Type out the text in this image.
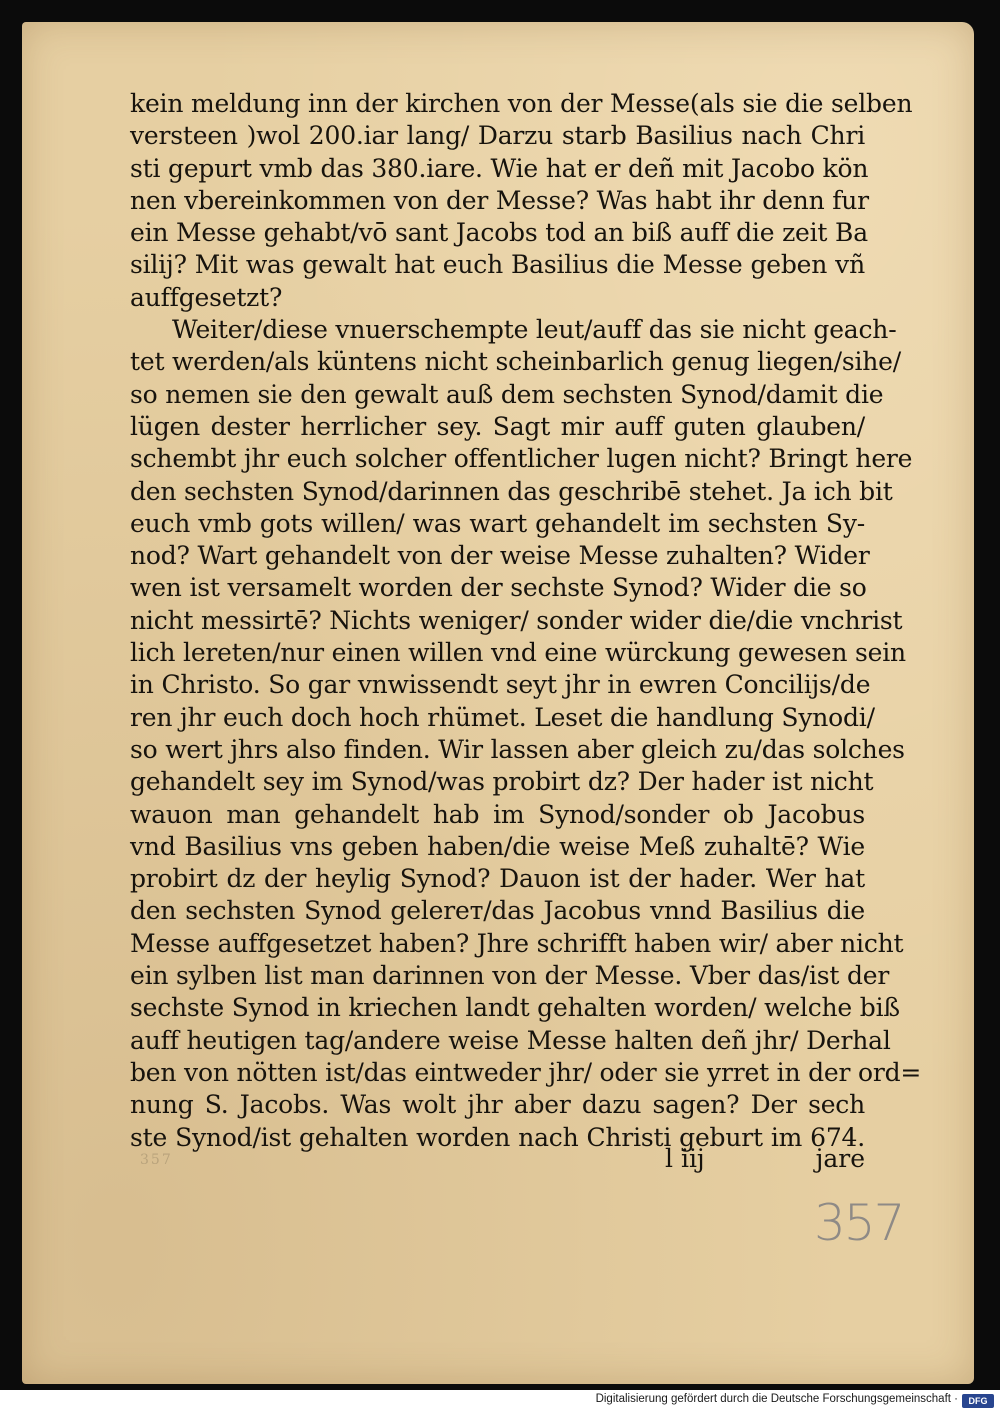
kein meldung inn der kirchen von der Messe(als sie die selben
versteen )wol 200.iar lang/ Darzu starb Basilius nach Chri
sti gepurt vmb das 380.iare. Wie hat er deñ mit Jacobo kön
nen vbereinkommen von der Messe? Was habt ihr denn fur
ein Messe gehabt/vō sant Jacobs tod an biß auff die zeit Ba
silij? Mit was gewalt hat euch Basilius die Messe geben vñ
auffgesetzt?
Weiter/diese vnuerschempte leut/auff das sie nicht geach-
tet werden/als küntens nicht scheinbarlich genug liegen/sihe/
so nemen sie den gewalt auß dem sechsten Synod/damit die
lügen dester herrlicher sey. Sagt mir auff guten glauben/
schembt jhr euch solcher offentlicher lugen nicht? Bringt here
den sechsten Synod/darinnen das geschribē stehet. Ja ich bit
euch vmb gots willen/ was wart gehandelt im sechsten Sy-
nod? Wart gehandelt von der weise Messe zuhalten? Wider
wen ist versamelt worden der sechste Synod? Wider die so
nicht messirtē? Nichts weniger/ sonder wider die/die vnchrist
lich lereten/nur einen willen vnd eine würckung gewesen sein
in Christo. So gar vnwissendt seyt jhr in ewren Concilijs/de
ren jhr euch doch hoch rhümet. Leset die handlung Synodi/
so wert jhrs also finden. Wir lassen aber gleich zu/das solches
gehandelt sey im Synod/was probirt dz? Der hader ist nicht
wauon man gehandelt hab im Synod/sonder ob Jacobus
vnd Basilius vns geben haben/die weise Meß zuhaltē? Wie
probirt dz der heylig Synod? Dauon ist der hader. Wer hat
den sechsten Synod gelerет/das Jacobus vnnd Basilius die
Messe auffgesetzet haben? Jhre schrifft haben wir/ aber nicht
ein sylben list man darinnen von der Messe. Vber das/ist der
sechste Synod in kriechen landt gehalten worden/ welche biß
auff heutigen tag/andere weise Messe halten deñ jhr/ Derhal
ben von nötten ist/das eintweder jhr/ oder sie yrret in der ord=
nung S. Jacobs. Was wolt jhr aber dazu sagen? Der sech
ste Synod/ist gehalten worden nach Christi geburt im 674.
l iij	jare
357
357
Digitalisierung gefördert durch die Deutsche Forschungsgemeinschaft ·	DFG
